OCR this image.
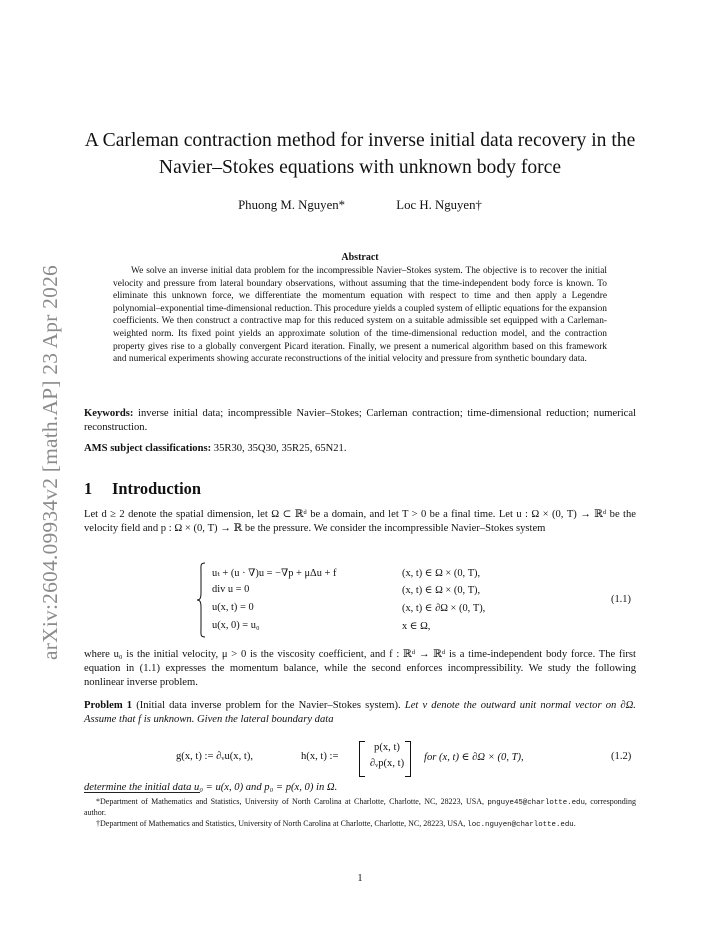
arXiv:2604.09934v2 [math.AP] 23 Apr 2026
A Carleman contraction method for inverse initial data recovery in the Navier–Stokes equations with unknown body force
Phuong M. Nguyen*	Loc H. Nguyen†
Abstract
We solve an inverse initial data problem for the incompressible Navier–Stokes system. The objective is to recover the initial velocity and pressure from lateral boundary observations, without assuming that the time-independent body force is known. To eliminate this unknown force, we differentiate the momentum equation with respect to time and then apply a Legendre polynomial–exponential time-dimensional reduction. This procedure yields a coupled system of elliptic equations for the expansion coefficients. We then construct a contractive map for this reduced system on a suitable admissible set equipped with a Carleman-weighted norm. Its fixed point yields an approximate solution of the time-dimensional reduction model, and the contraction property gives rise to a globally convergent Picard iteration. Finally, we present a numerical algorithm based on this framework and numerical experiments showing accurate reconstructions of the initial velocity and pressure from synthetic boundary data.
Keywords: inverse initial data; incompressible Navier–Stokes; Carleman contraction; time-dimensional reduction; numerical reconstruction.
AMS subject classifications: 35R30, 35Q30, 35R25, 65N21.
1 Introduction
Let d ≥ 2 denote the spatial dimension, let Ω ⊂ ℝᵈ be a domain, and let T > 0 be a final time. Let u : Ω × (0, T) → ℝᵈ be the velocity field and p : Ω × (0, T) → ℝ be the pressure. We consider the incompressible Navier–Stokes system
uₜ + (u · ∇)u = −∇p + μΔu + f	(x, t) ∈ Ω × (0, T),
div u = 0	(x, t) ∈ Ω × (0, T),
u(x, t) = 0	(x, t) ∈ ∂Ω × (0, T),
u(x, 0) = u₀	x ∈ Ω,
(1.1)
where u₀ is the initial velocity, μ > 0 is the viscosity coefficient, and f : ℝᵈ → ℝᵈ is a time-independent body force. The first equation in (1.1) expresses the momentum balance, while the second enforces incompressibility. We study the following nonlinear inverse problem.
Problem 1 (Initial data inverse problem for the Navier–Stokes system). Let ν denote the outward unit normal vector on ∂Ω. Assume that f is unknown. Given the lateral boundary data
g(x, t) := ∂ᵥu(x, t),	h(x, t) :=
p(x, t)
∂ᵥp(x, t)
for (x, t) ∈ ∂Ω × (0, T),	(1.2)
determine the initial data u₀ = u(x, 0) and p₀ = p(x, 0) in Ω.
*Department of Mathematics and Statistics, University of North Carolina at Charlotte, Charlotte, NC, 28223, USA, pnguye45@charlotte.edu, corresponding author.
†Department of Mathematics and Statistics, University of North Carolina at Charlotte, Charlotte, NC, 28223, USA, loc.nguyen@charlotte.edu.
1
